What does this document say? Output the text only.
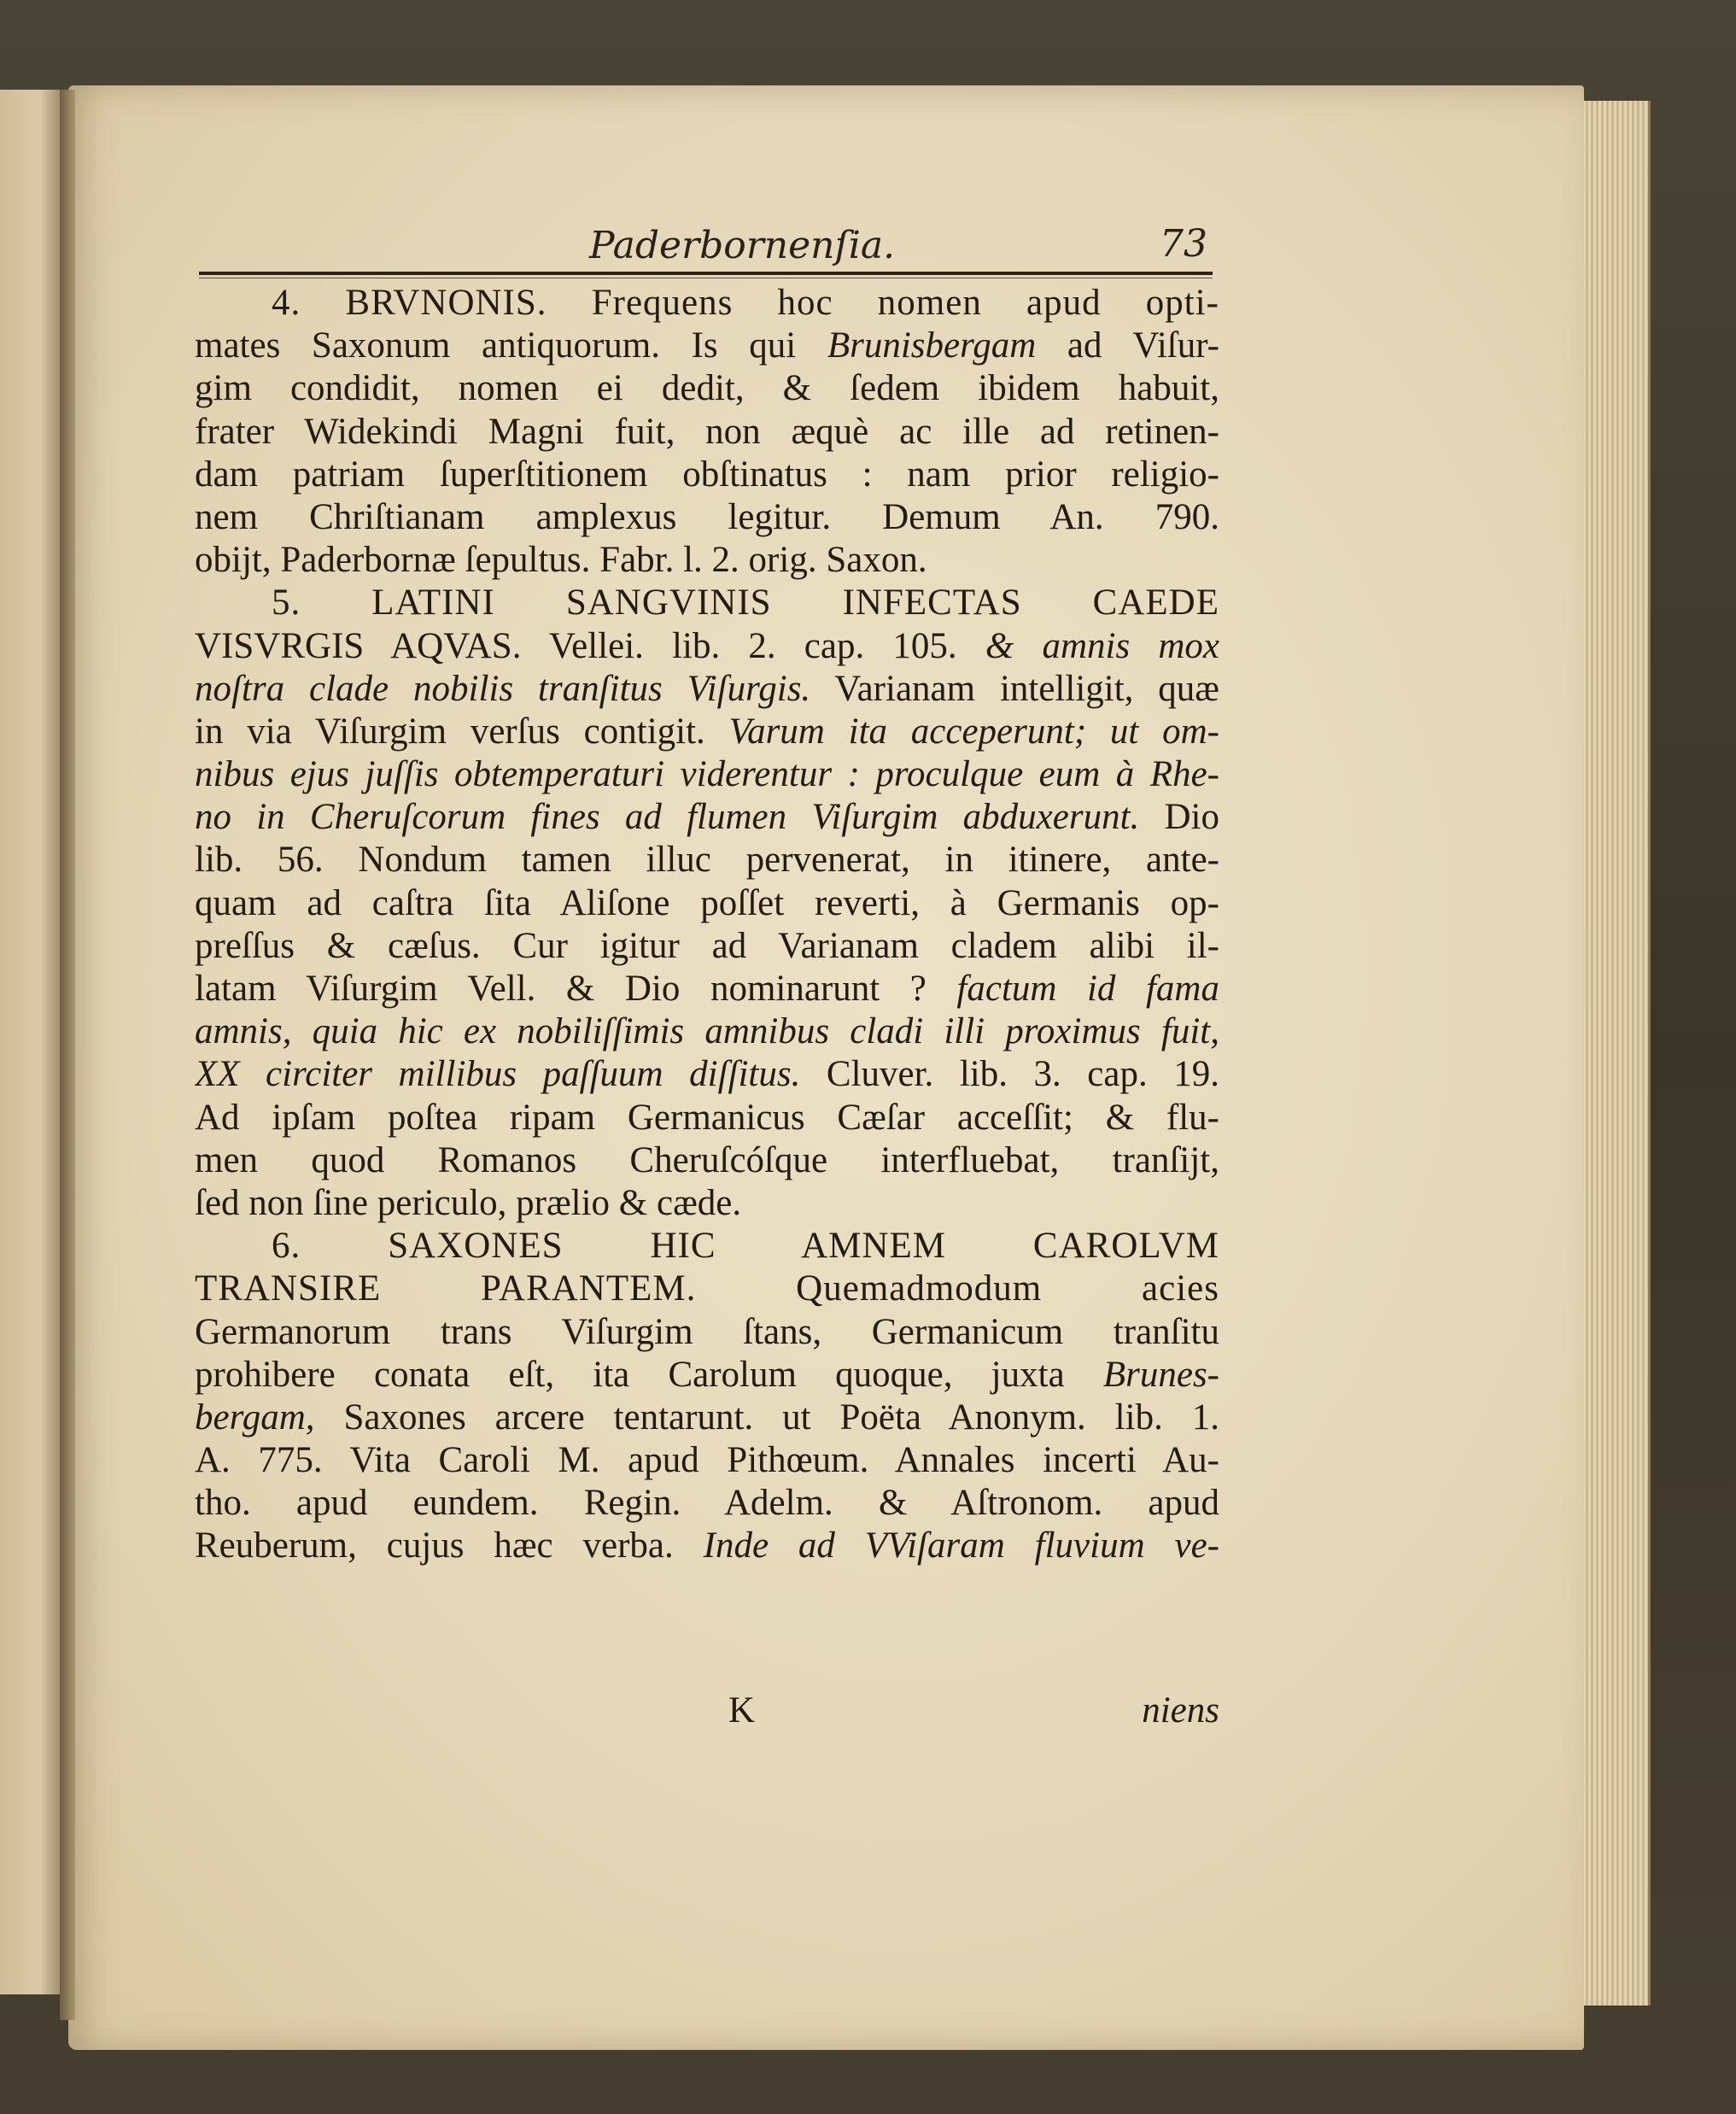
Paderbornenſia.	73
4. BRVNONIS. Frequens hoc nomen apud opti-
mates Saxonum antiquorum. Is qui Brunisbergam ad Viſur-
gim condidit, nomen ei dedit, & ſedem ibidem habuit,
frater Widekindi Magni fuit, non æquè ac ille ad retinen-
dam patriam ſuperſtitionem obſtinatus : nam prior religio-
nem Chriſtianam amplexus legitur. Demum An. 790.
obijt, Paderbornæ ſepultus. Fabr. l. 2. orig. Saxon.
5. LATINI SANGVINIS INFECTAS CAEDE
VISVRGIS AQVAS. Vellei. lib. 2. cap. 105. & amnis mox
noſtra clade nobilis tranſitus Viſurgis. Varianam intelligit, quæ
in via Viſurgim verſus contigit. Varum ita acceperunt; ut om-
nibus ejus juſſis obtemperaturi viderentur : proculque eum à Rhe-
no in Cheruſcorum fines ad flumen Viſurgim abduxerunt. Dio
lib. 56. Nondum tamen illuc pervenerat, in itinere, ante-
quam ad caſtra ſita Aliſone poſſet reverti, à Germanis op-
preſſus & cæſus. Cur igitur ad Varianam cladem alibi il-
latam Viſurgim Vell. & Dio nominarunt ? factum id fama
amnis, quia hic ex nobiliſſimis amnibus cladi illi proximus fuit,
XX circiter millibus paſſuum diſſitus. Cluver. lib. 3. cap. 19.
Ad ipſam poſtea ripam Germanicus Cæſar acceſſit; & flu-
men quod Romanos Cheruſcóſque interfluebat, tranſijt,
ſed non ſine periculo, prælio & cæde.
6. SAXONES HIC AMNEM CAROLVM
TRANSIRE PARANTEM. Quemadmodum acies
Germanorum trans Viſurgim ſtans, Germanicum tranſitu
prohibere conata eſt, ita Carolum quoque, juxta Brunes-
bergam, Saxones arcere tentarunt. ut Poëta Anonym. lib. 1.
A. 775. Vita Caroli M. apud Pithœum. Annales incerti Au-
tho. apud eundem. Regin. Adelm. & Aſtronom. apud
Reuberum, cujus hæc verba. Inde ad VViſaram fluvium ve-
K	niens
